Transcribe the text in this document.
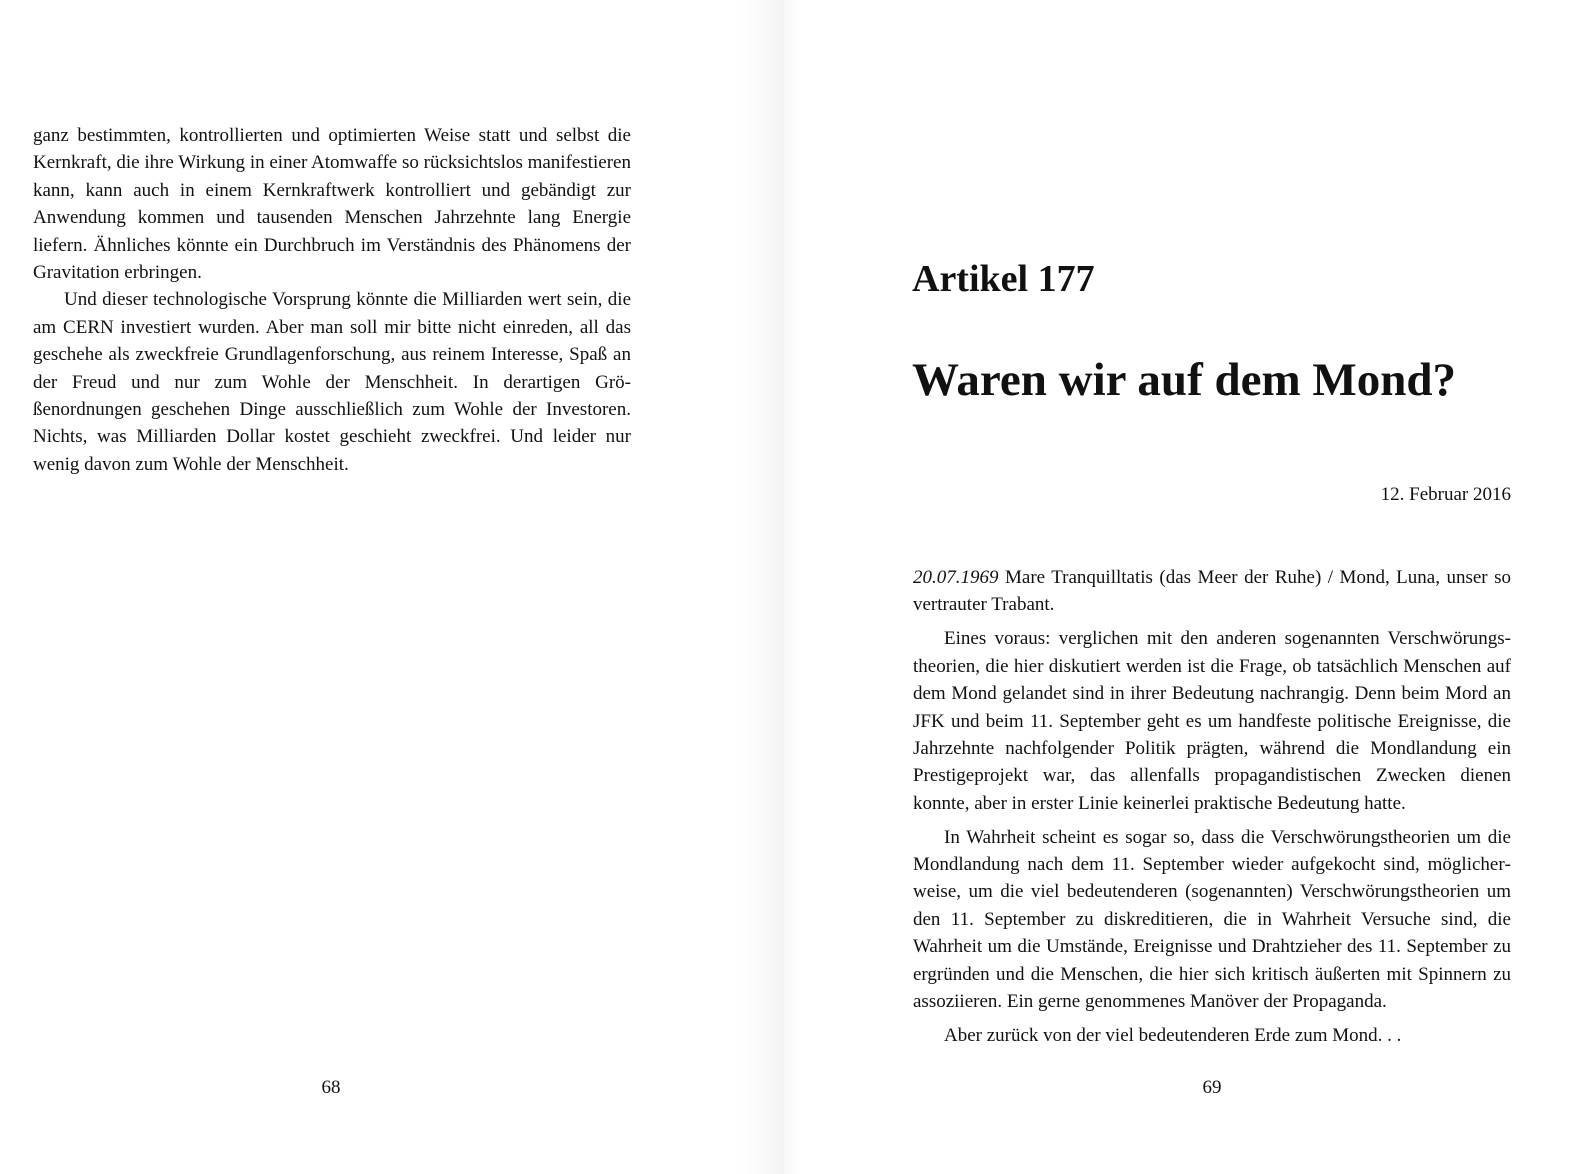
ganz bestimmten, kontrollierten und optimierten Weise statt und selbst die Kernkraft, die ihre Wirkung in einer Atomwaffe so rücksichtslos manifestieren kann, kann auch in einem Kernkraftwerk kontrolliert und gebändigt zur Anwendung kommen und tausenden Menschen Jahrzehnte lang Energie liefern. Ähnliches könnte ein Durchbruch im Verständnis des Phänomens der Gravitation erbringen.

Und dieser technologische Vorsprung könnte die Milliarden wert sein, die am CERN investiert wurden. Aber man soll mir bitte nicht einreden, all das geschehe als zweckfreie Grundlagenforschung, aus reinem Interesse, Spaß an der Freud und nur zum Wohle der Menschheit. In derartigen Größenordnungen geschehen Dinge ausschließlich zum Wohle der Investoren. Nichts, was Milliarden Dollar kostet geschieht zweckfrei. Und leider nur wenig davon zum Wohle der Menschheit.

68	69
Artikel 177
Waren wir auf dem Mond?
12. Februar 2016

20.07.1969 Mare Tranquilltatis (das Meer der Ruhe) / Mond, Luna, unser so vertrauter Trabant.

Eines voraus: verglichen mit den anderen sogenannten Verschwörungstheorien, die hier diskutiert werden ist die Frage, ob tatsächlich Menschen auf dem Mond gelandet sind in ihrer Bedeutung nachrangig. Denn beim Mord an JFK und beim 11. September geht es um handfeste politische Ereignisse, die Jahrzehnte nachfolgender Politik prägten, während die Mondlandung ein Prestigeprojekt war, das allenfalls propagandistischen Zwecken dienen konnte, aber in erster Linie keinerlei praktische Bedeutung hatte.

In Wahrheit scheint es sogar so, dass die Verschwörungstheorien um die Mondlandung nach dem 11. September wieder aufgekocht sind, möglicherweise, um die viel bedeutenderen (sogenannten) Verschwörungstheorien um den 11. September zu diskreditieren, die in Wahrheit Versuche sind, die Wahrheit um die Umstände, Ereignisse und Drahtzieher des 11. September zu ergründen und die Menschen, die hier sich kritisch äußerten mit Spinnern zu assoziieren. Ein gerne genommenes Manöver der Propaganda.

Aber zurück von der viel bedeutenderen Erde zum Mond. . .
